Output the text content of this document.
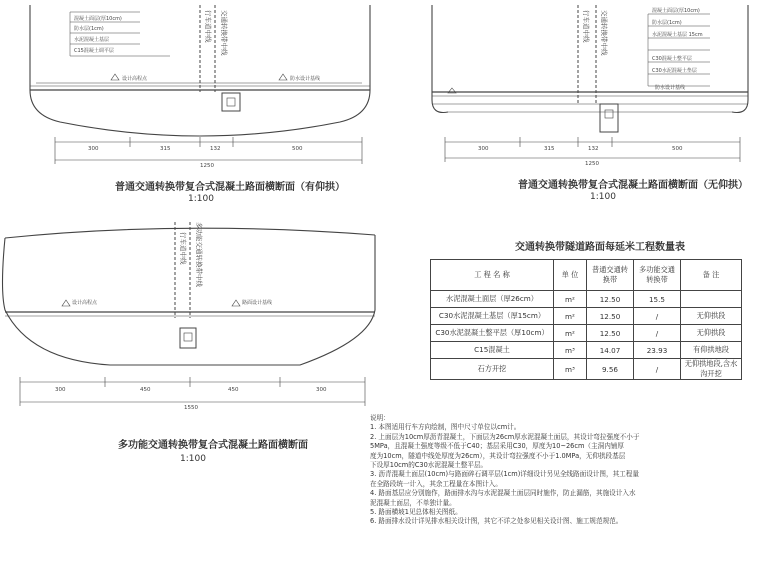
混凝土面层(厚10cm)
防水层(1cm)
水泥混凝土基层
C15混凝土调平层
设计高程点	防水设计基线
行车道中线 交通转换带中线
300	315	132	500
1250
混凝土面层(厚10cm)
防水层(1cm)
水泥混凝土基层 15cm
C30混凝土整平层
C30水泥混凝土垫层
防水设计基线
行车道中线 交通转换带中线
300	315	132	500
1250
设计高程点	路面设计基线
行车道中线 多功能交通转换带中线
300	450	450	300
1550
普通交通转换带复合式混凝土路面横断面（有仰拱）
1:100
普通交通转换带复合式混凝土路面横断面（无仰拱）
1:100
多功能交通转换带复合式混凝土路面横断面
1:100
交通转换带隧道路面每延米工程数量表
工 程 名 称	单 位	普通交通转换带	多功能交通转换带	备 注
水泥混凝土面层（厚26cm）	m²	12.50	15.5	
C30水泥混凝土基层（厚15cm）	m²	12.50	/	无仰拱段
C30水泥混凝土整平层（厚10cm）	m²	12.50	/	无仰拱段
C15混凝土	m³	14.07	23.93	有仰拱地段
石方开挖	m³	9.56	/	无仰拱地段,含水沟开挖
说明：
1. 本图适用行车方向绘制，图中尺寸单位以cm计。
2. 上面层为10cm厚沥青混凝土，下面层为26cm厚水泥混凝土面层，其设计弯拉强度不小于
5MPa，且混凝土强度等级不低于C40；基层采用C30，厚度为10~26cm（主洞内铺厚
度为10cm，隧道中线处厚度为26cm），其设计弯拉强度不小于1.0MPa，无仰拱段基层
下设厚10cm的C30水泥混凝土整平层。
3. 沥青混凝土面层(10cm)与路面碎石调平层(1cm)详细设计另见全线路面设计图，其工程量
在全路段统一计入，其余工程量在本图计入。
4. 路面基层应分别施作，路面排水沟与水泥混凝土面层同时施作，防止漏筋，其施设计入水
泥混凝土面层，不单独计量。
5. 路面横坡1见总体相关图纸。
6. 路面排水设计详见排水相关设计图，其它不详之处参见相关设计图、施工规范规范。
